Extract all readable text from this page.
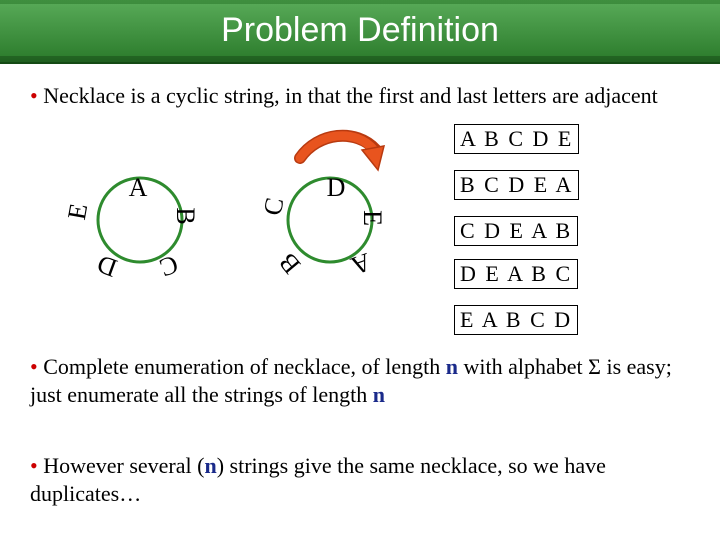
Problem Definition
• Necklace is a cyclic string, in that the first and last letters are adjacent
A B C D E
B C D E A
C D E A B
D E A B C
E A B C D
A
B
C
D
E
D
E
A
B
C
• Complete enumeration of necklace, of length n with alphabet Σ is easy; just enumerate all the strings of length n
• However several (n) strings give the same necklace, so we have duplicates…
